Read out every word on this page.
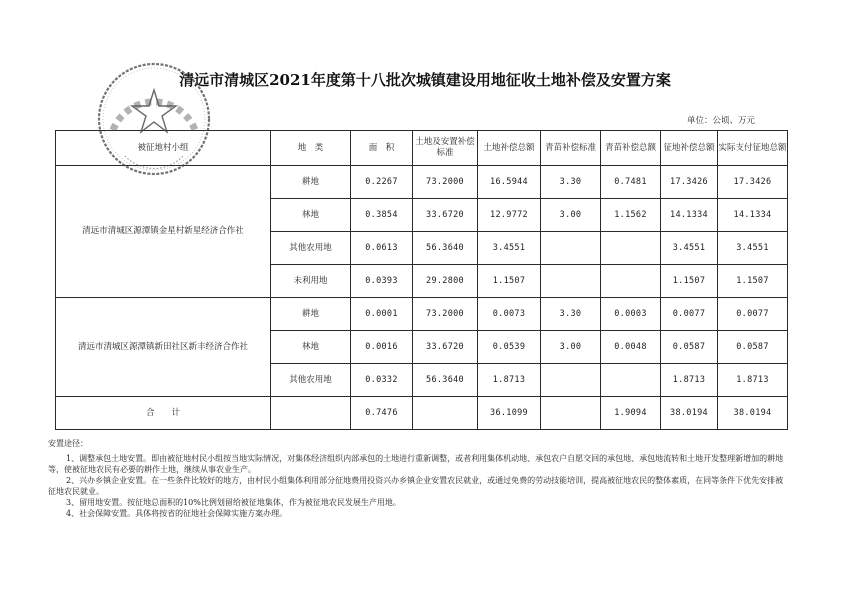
清远市清城区2021年度第十八批次城镇建设用地征收土地补偿及安置方案
单位：公顷、万元
被征地村小组	地　类	面　积	土地及安置补偿标准	土地补偿总额	青苗补偿标准	青苗补偿总额	征地补偿总额	实际支付征地总额
清远市清城区源潭镇金星村新星经济合作社	耕地	0.2267	73.2000	16.5944	3.30	0.7481	17.3426	17.3426
	林地	0.3854	33.6720	12.9772	3.00	1.1562	14.1334	14.1334
	其他农用地	0.0613	56.3640	3.4551			3.4551	3.4551
	未利用地	0.0393	29.2800	1.1507			1.1507	1.1507
清远市清城区源潭镇新田社区新丰经济合作社	耕地	0.0001	73.2000	0.0073	3.30	0.0003	0.0077	0.0077
	林地	0.0016	33.6720	0.0539	3.00	0.0048	0.0587	0.0587
	其他农用地	0.0332	56.3640	1.8713			1.8713	1.8713
合　　计		0.7476		36.1099		1.9094	38.0194	38.0194
安置途径：

1、调整承包土地安置。即由被征地村民小组按当地实际情况，对集体经济组织内部承包的土地进行重新调整，或者利用集体机动地、承包农户自愿交回的承包地、承包地流转和土地开发整理新增加的耕地等，使被征地农民有必要的耕作土地，继续从事农业生产。

2、兴办乡镇企业安置。在一些条件比较好的地方，由村民小组集体利用部分征地费用投资兴办乡镇企业安置农民就业，或通过免费的劳动技能培训，提高被征地农民的整体素质，在同等条件下优先安排被征地农民就业。

3、留用地安置。按征地总面积的10%比例划留给被征地集体，作为被征地农民发展生产用地。

4、社会保障安置。具体将按省的征地社会保障实施方案办理。
